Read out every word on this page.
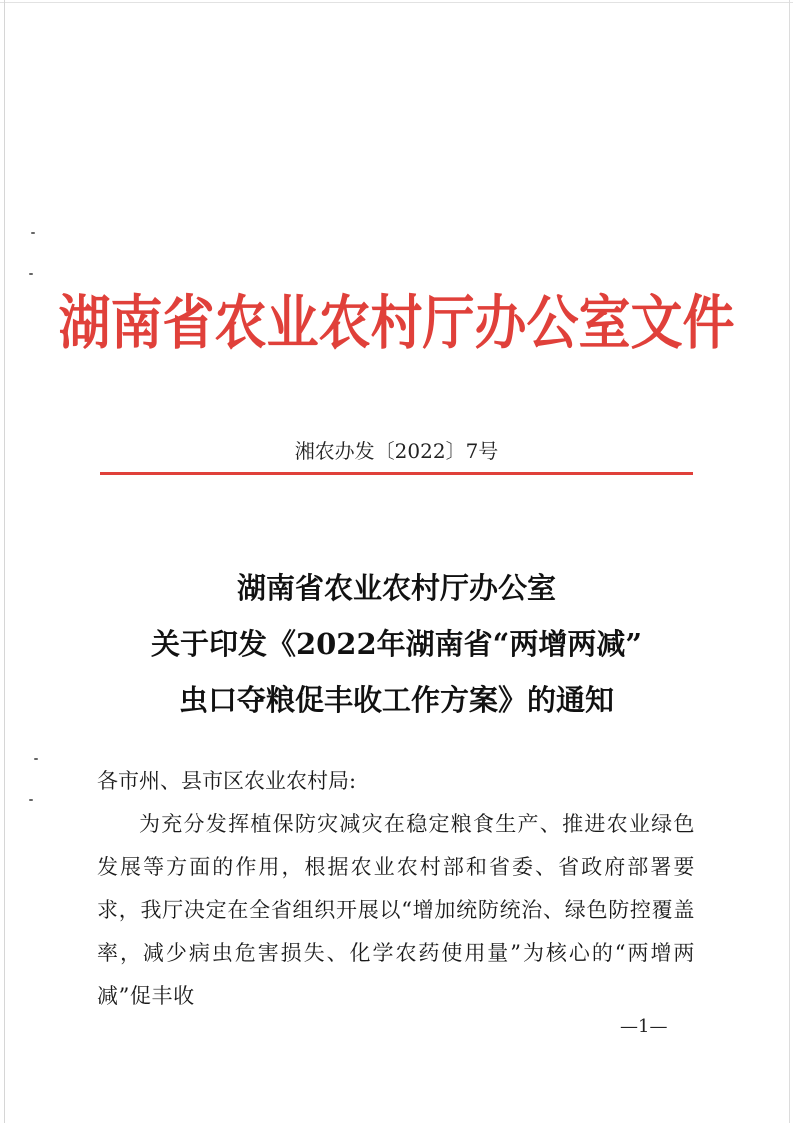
湖南省农业农村厅办公室文件
湘农办发〔2022〕7号
湖南省农业农村厅办公室
关于印发《2022年湖南省“两增两减”
虫口夺粮促丰收工作方案》的通知
各市州、县市区农业农村局:
为充分发挥植保防灾减灾在稳定粮食生产、推进农业绿色发展等方面的作用，根据农业农村部和省委、省政府部署要求，我厅决定在全省组织开展以“增加统防统治、绿色防控覆盖率，减少病虫危害损失、化学农药使用量”为核心的“两增两减”促丰收
—1—
